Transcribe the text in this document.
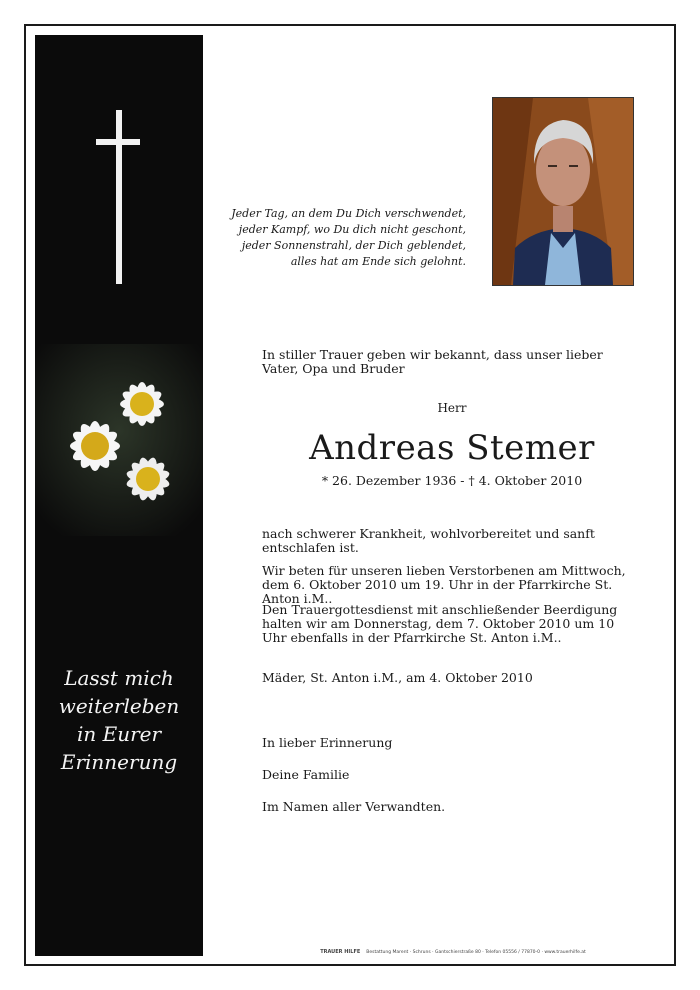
Lasst mich
weiterleben
in Eurer
Erinnerung
Jeder Tag, an dem Du Dich verschwendet,
jeder Kampf, wo Du dich nicht geschont,
jeder Sonnenstrahl, der Dich geblendet,
alles hat am Ende sich gelohnt.
In stiller Trauer geben wir bekannt, dass unser lieber Vater, Opa und Bruder
Herr
Andreas Stemer
* 26. Dezember 1936 - † 4. Oktober 2010
nach schwerer Krankheit, wohlvorbereitet und sanft entschlafen ist.
Wir beten für unseren lieben Verstorbenen am Mittwoch, dem 6. Oktober 2010 um 19. Uhr in der Pfarrkirche St. Anton i.M..
Den Trauergottesdienst mit anschließender Beerdigung halten wir am Donnerstag, dem 7. Oktober 2010 um 10 Uhr ebenfalls in der Pfarrkirche St. Anton i.M..
Mäder, St. Anton i.M., am 4. Oktober 2010
In lieber Erinnerung
Deine Familie
Im Namen aller Verwandten.
TRAUER HILFE Bestattung Marent · Schruns · Gantschierstraße 80 · Telefon 05556 / 77870-0 · www.trauerhilfe.at
